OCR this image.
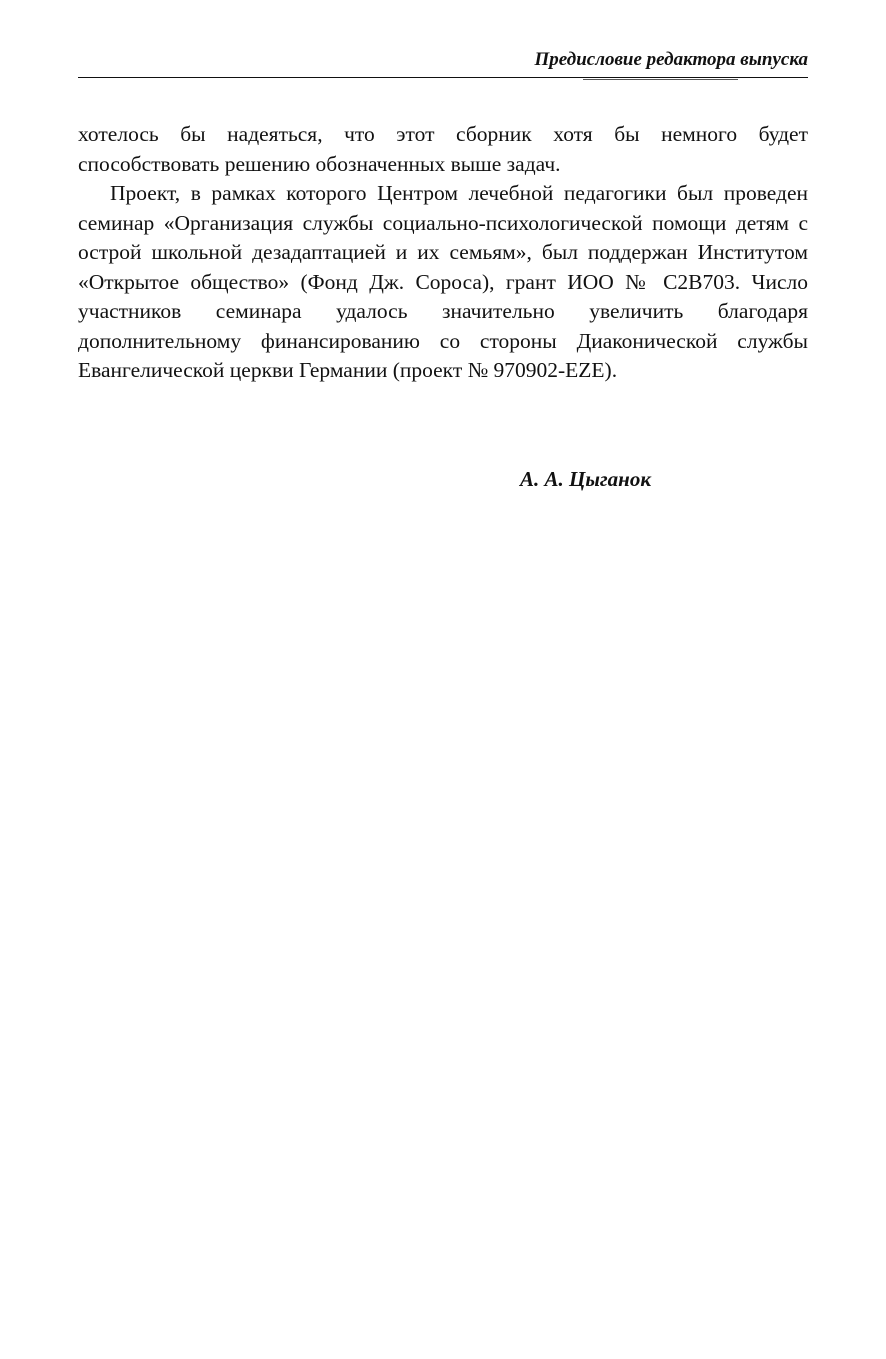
Предисловие редактора выпуска

хотелось бы надеяться, что этот сборник хотя бы немного будет способствовать решению обозначенных выше задач.

Проект, в рамках которого Центром лечебной педагогики был проведен семинар «Организация службы социально-психологической помощи детям с острой школьной дезадаптацией и их семьям», был поддержан Институтом «Открытое общество» (Фонд Дж. Сороса), грант ИОО № С2В703. Число участников семинара удалось значительно увеличить благодаря дополнительному финансированию со стороны Диаконической службы Евангелической церкви Германии (проект № 970902-EZE).

А. А. Цыганок
